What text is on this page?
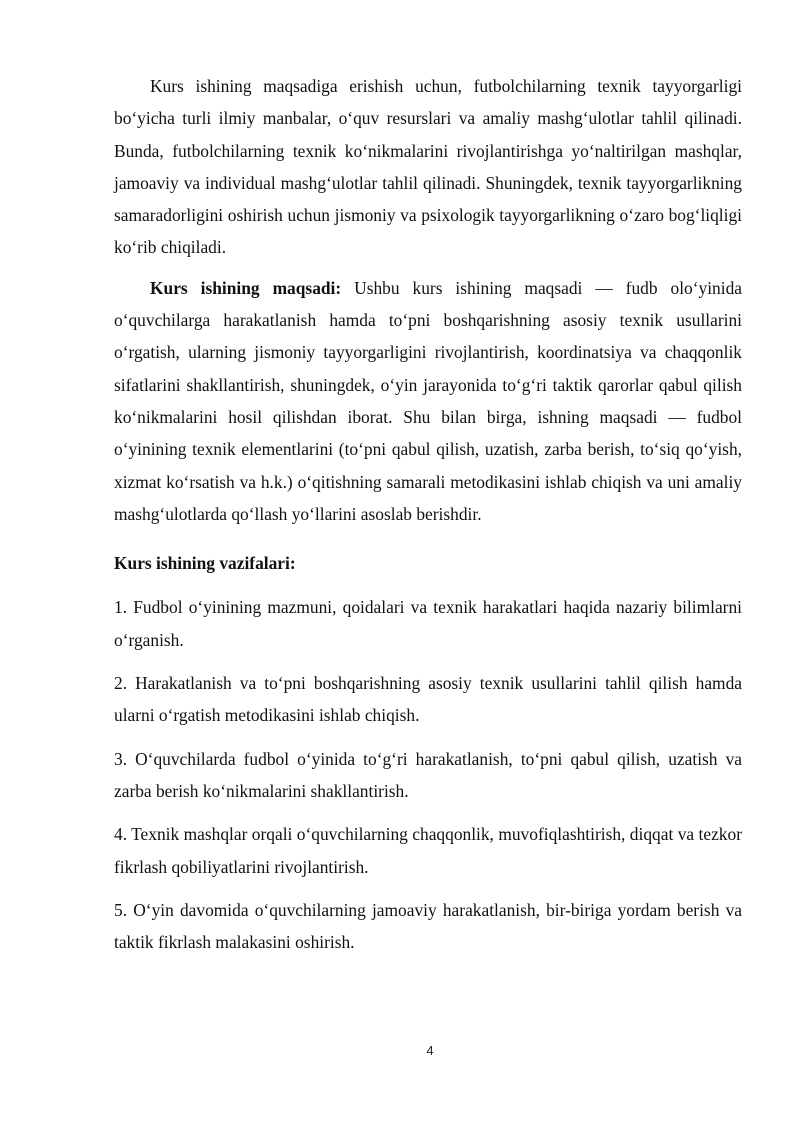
Kurs ishining maqsadiga erishish uchun, futbolchilarning texnik tayyorgarligi bo‘yicha turli ilmiy manbalar, o‘quv resurslari va amaliy mashg‘ulotlar tahlil qilinadi. Bunda, futbolchilarning texnik ko‘nikmalarini rivojlantirishga yo‘naltirilgan mashqlar, jamoaviy va individual mashg‘ulotlar tahlil qilinadi. Shuningdek, texnik tayyorgarlikning samaradorligini oshirish uchun jismoniy va psixologik tayyorgarlikning o‘zaro bog‘liqligi ko‘rib chiqiladi.

Kurs ishining maqsadi: Ushbu kurs ishining maqsadi — fudb olo‘yinida o‘quvchilarga harakatlanish hamda to‘pni boshqarishning asosiy texnik usullarini o‘rgatish, ularning jismoniy tayyorgarligini rivojlantirish, koordinatsiya va chaqqonlik sifatlarini shakllantirish, shuningdek, o‘yin jarayonida to‘g‘ri taktik qarorlar qabul qilish ko‘nikmalarini hosil qilishdan iborat. Shu bilan birga, ishning maqsadi — fudbol o‘yinining texnik elementlarini (to‘pni qabul qilish, uzatish, zarba berish, to‘siq qo‘yish, xizmat ko‘rsatish va h.k.) o‘qitishning samarali metodikasini ishlab chiqish va uni amaliy mashg‘ulotlarda qo‘llash yo‘llarini asoslab berishdir.

Kurs ishining vazifalari:

1. Fudbol o‘yinining mazmuni, qoidalari va texnik harakatlari haqida nazariy bilimlarni o‘rganish.

2. Harakatlanish va to‘pni boshqarishning asosiy texnik usullarini tahlil qilish hamda ularni o‘rgatish metodikasini ishlab chiqish.

3. O‘quvchilarda fudbol o‘yinida to‘g‘ri harakatlanish, to‘pni qabul qilish, uzatish va zarba berish ko‘nikmalarini shakllantirish.

4. Texnik mashqlar orqali o‘quvchilarning chaqqonlik, muvofiqlashtirish, diqqat va tezkor fikrlash qobiliyatlarini rivojlantirish.

5. O‘yin davomida o‘quvchilarning jamoaviy harakatlanish, bir-biriga yordam berish va taktik fikrlash malakasini oshirish.

4
